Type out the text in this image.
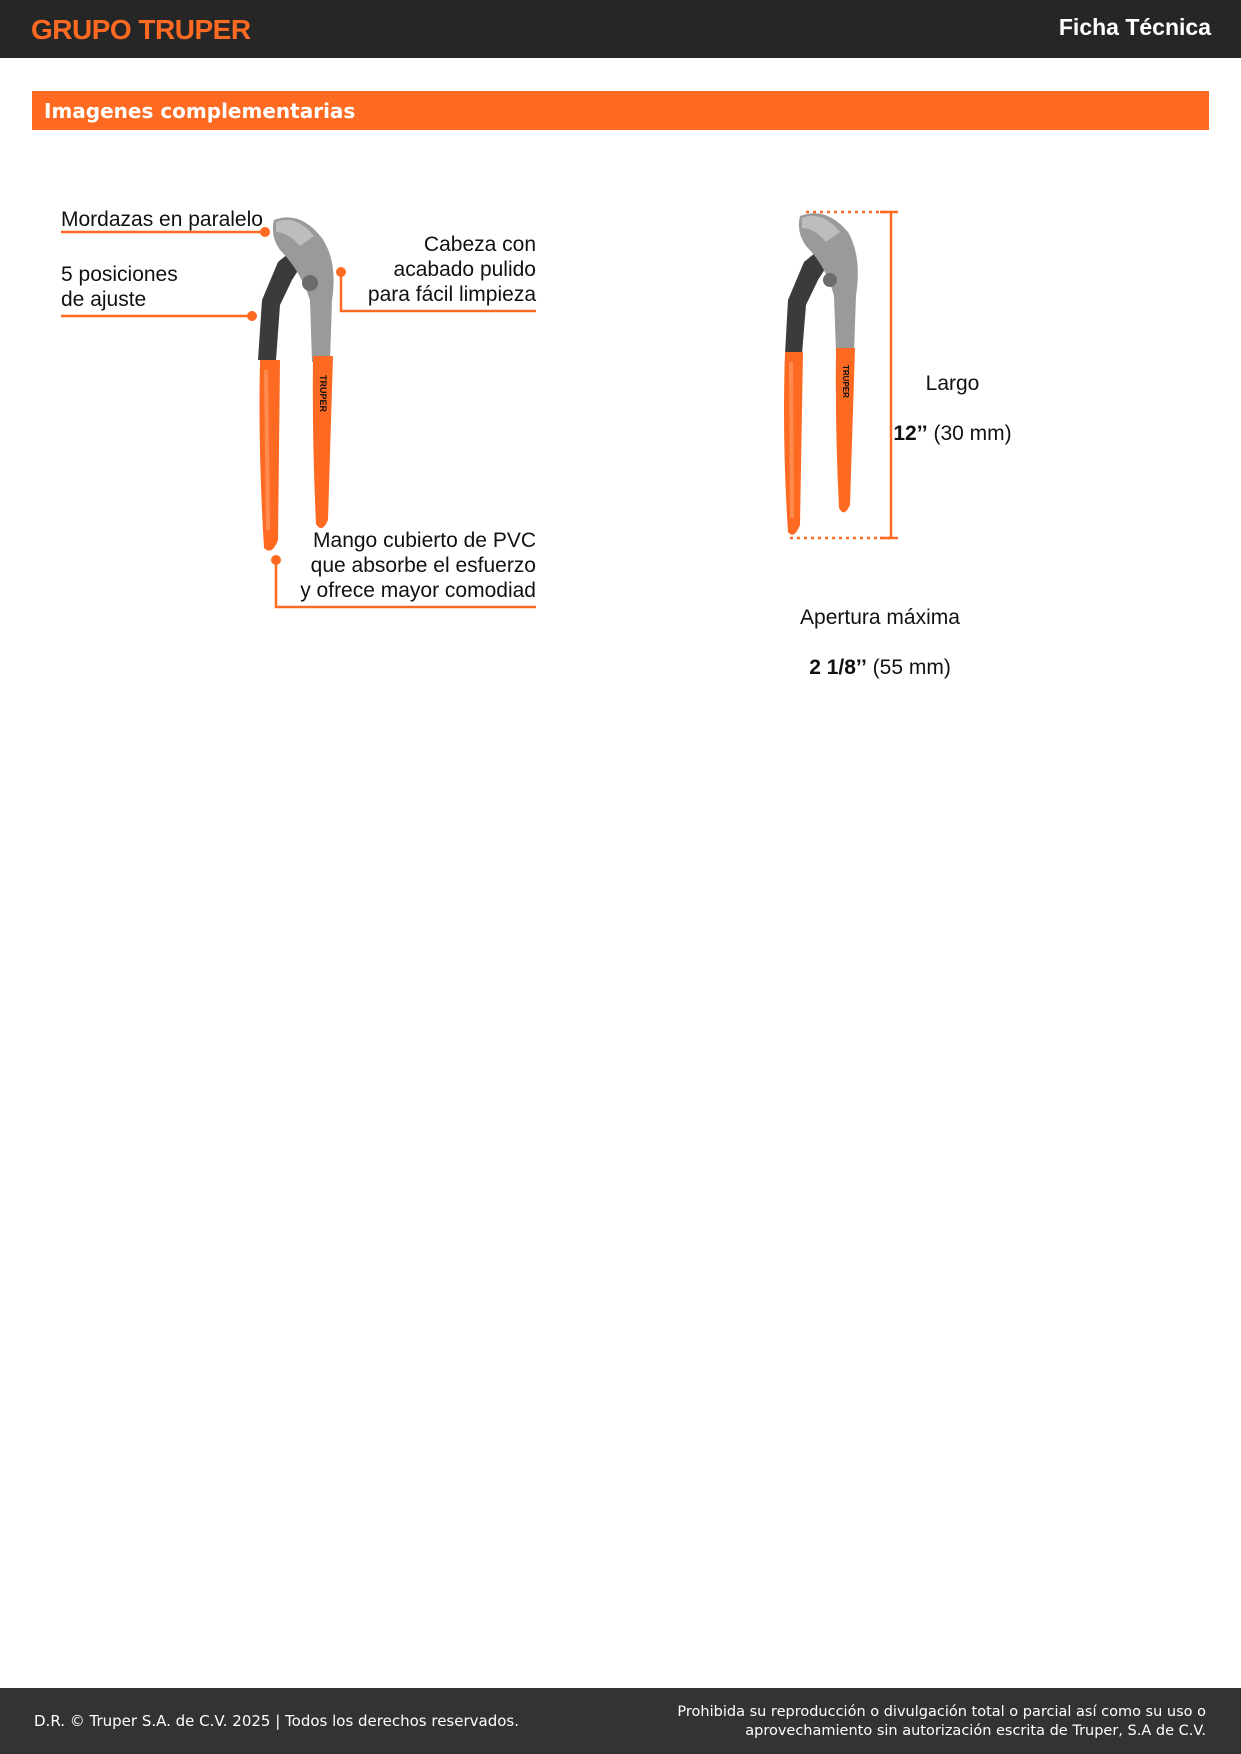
GRUPO TRUPER	Ficha Técnica
Imagenes complementarias
TRUPER	TRUPER
Mordazas en paralelo
5 posiciones
de ajuste
Cabeza con
acabado pulido
para fácil limpieza
Mango cubierto de PVC
que absorbe el esfuerzo
y ofrece mayor comodiad

Largo

12’’ (30 mm)

Apertura máxima

2 1/8’’ (55 mm)

D.R. © Truper S.A. de C.V. 2025 | Todos los derechos reservados.	Prohibida su reproducción o divulgación total o parcial así como su uso o aprovechamiento sin autorización escrita de Truper, S.A de C.V.
